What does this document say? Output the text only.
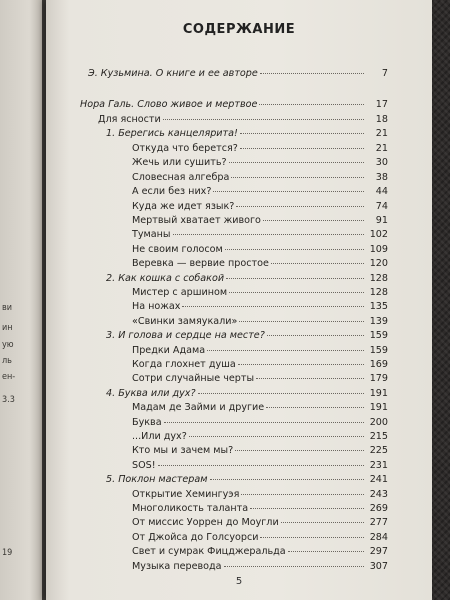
ви
ин
ую
ль
ен-
3.3
19
СОДЕРЖАНИЕ
Э. Кузьмина. О книге и ее авторе	7
Нора Галь. Слово живое и мертвое	17
Для ясности	18
1. Берегись канцелярита!	21
Откуда что берется?	21
Жечь или сушить?	30
Словесная алгебра	38
А если без них?	44
Куда же идет язык?	74
Мертвый хватает живого	91
Туманы	102
Не своим голосом	109
Веревка — вервие простое	120
2. Как кошка с собакой	128
Мистер с аршином	128
На ножах	135
«Свинки замяукали»	139
3. И голова и сердце на месте?	159
Предки Адама	159
Когда глохнет душа	169
Сотри случайные черты	179
4. Буква или дух?	191
Мадам де Займи и другие	191
Буква	200
...Или дух?	215
Кто мы и зачем мы?	225
SOS!	231
5. Поклон мастерам	241
Открытие Хемингуэя	243
Многоликость таланта	269
От миссис Уоррен до Моугли	277
От Джойса до Голсуорси	284
Свет и сумрак Фицджеральда	297
Музыка перевода	307
5
